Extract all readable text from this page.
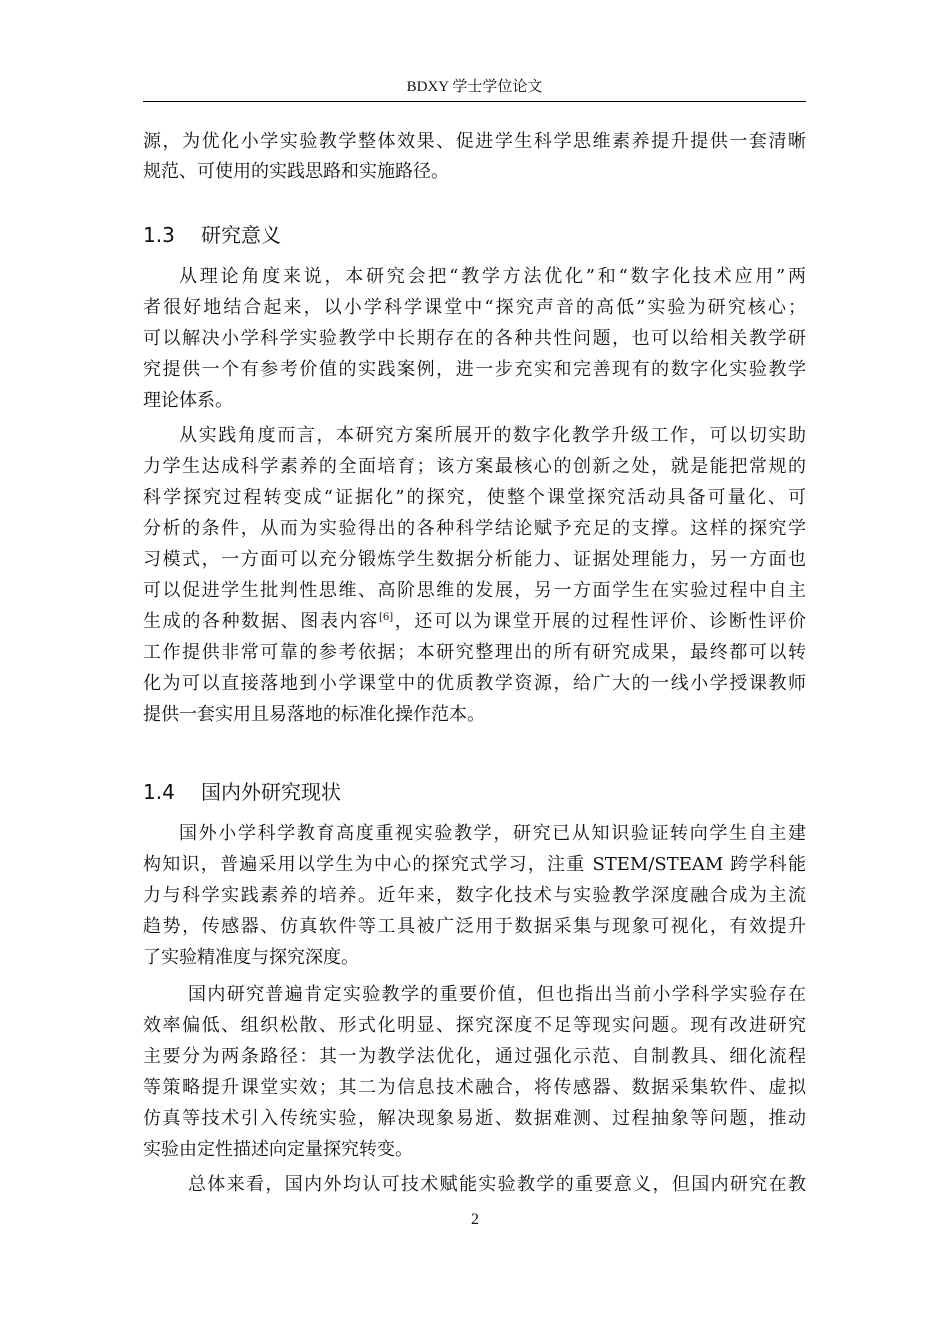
BDXY 学士学位论文
源，为优化小学实验教学整体效果、促进学生科学思维素养提升提供一套清晰
规范、可使用的实践思路和实施路径。
1.3 研究意义
从理论角度来说，本研究会把“教学方法优化”和“数字化技术应用”两
者很好地结合起来，以小学科学课堂中“探究声音的高低”实验为研究核心；
可以解决小学科学实验教学中长期存在的各种共性问题，也可以给相关教学研
究提供一个有参考价值的实践案例，进一步充实和完善现有的数字化实验教学
理论体系。
从实践角度而言，本研究方案所展开的数字化教学升级工作，可以切实助
力学生达成科学素养的全面培育；该方案最核心的创新之处，就是能把常规的
科学探究过程转变成“证据化”的探究，使整个课堂探究活动具备可量化、可
分析的条件，从而为实验得出的各种科学结论赋予充足的支撑。这样的探究学
习模式，一方面可以充分锻炼学生数据分析能力、证据处理能力，另一方面也
可以促进学生批判性思维、高阶思维的发展，另一方面学生在实验过程中自主
生成的各种数据、图表内容[6]，还可以为课堂开展的过程性评价、诊断性评价
工作提供非常可靠的参考依据；本研究整理出的所有研究成果，最终都可以转
化为可以直接落地到小学课堂中的优质教学资源，给广大的一线小学授课教师
提供一套实用且易落地的标准化操作范本。
1.4 国内外研究现状
国外小学科学教育高度重视实验教学，研究已从知识验证转向学生自主建
构知识，普遍采用以学生为中心的探究式学习，注重 STEM/STEAM 跨学科能
力与科学实践素养的培养。近年来，数字化技术与实验教学深度融合成为主流
趋势，传感器、仿真软件等工具被广泛用于数据采集与现象可视化，有效提升
了实验精准度与探究深度。
国内研究普遍肯定实验教学的重要价值，但也指出当前小学科学实验存在
效率偏低、组织松散、形式化明显、探究深度不足等现实问题。现有改进研究
主要分为两条路径：其一为教学法优化，通过强化示范、自制教具、细化流程
等策略提升课堂实效；其二为信息技术融合，将传感器、数据采集软件、虚拟
仿真等技术引入传统实验，解决现象易逝、数据难测、过程抽象等问题，推动
实验由定性描述向定量探究转变。
总体来看，国内外均认可技术赋能实验教学的重要意义，但国内研究在教
2
